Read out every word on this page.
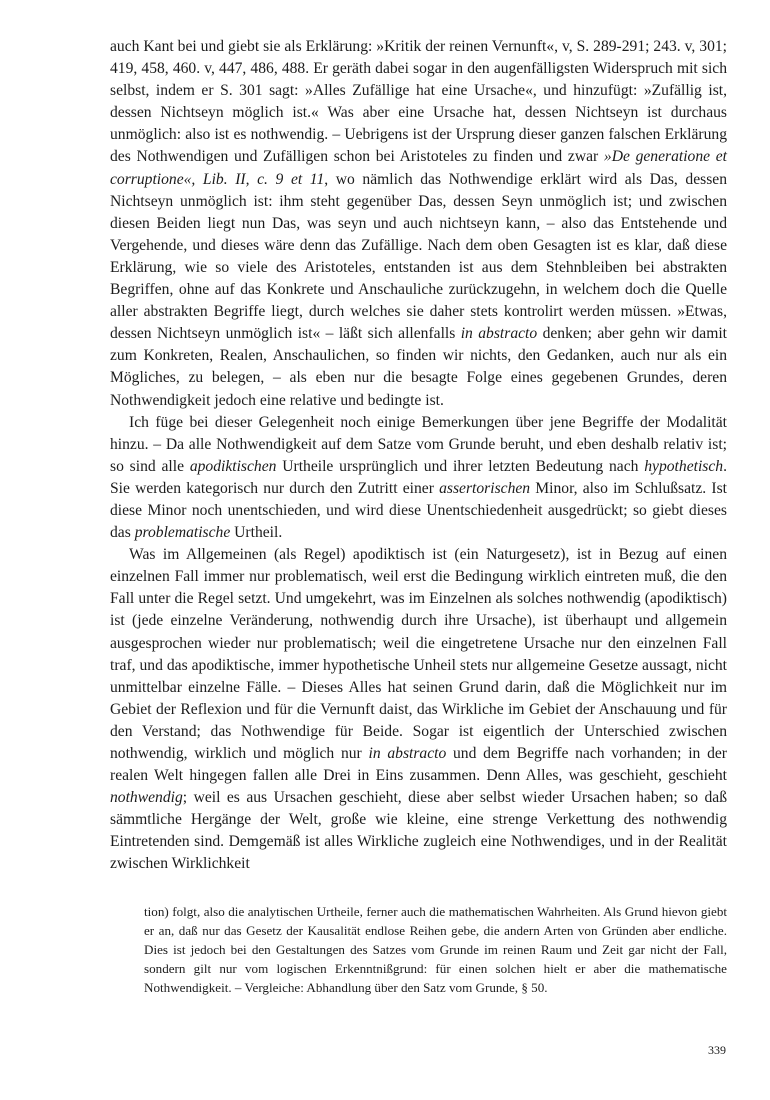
auch Kant bei und giebt sie als Erklärung: »Kritik der reinen Vernunft«, v, S. 289-291; 243. v, 301; 419, 458, 460. v, 447, 486, 488. Er geräth dabei sogar in den augenfälligsten Widerspruch mit sich selbst, indem er S. 301 sagt: »Alles Zufällige hat eine Ursache«, und hinzufügt: »Zufällig ist, dessen Nichtseyn möglich ist.« Was aber eine Ursache hat, dessen Nichtseyn ist durchaus unmöglich: also ist es nothwendig. – Uebrigens ist der Ursprung dieser ganzen falschen Erklärung des Nothwendigen und Zufälligen schon bei Aristoteles zu finden und zwar »De generatione et corruptione«, Lib. II, c. 9 et 11, wo nämlich das Nothwendige erklärt wird als Das, dessen Nichtseyn unmöglich ist: ihm steht gegenüber Das, dessen Seyn unmöglich ist; und zwischen diesen Beiden liegt nun Das, was seyn und auch nichtseyn kann, – also das Entstehende und Vergehende, und dieses wäre denn das Zufällige. Nach dem oben Gesagten ist es klar, daß diese Erklärung, wie so viele des Aristoteles, entstanden ist aus dem Stehnbleiben bei abstrakten Begriffen, ohne auf das Konkrete und Anschauliche zurückzugehn, in welchem doch die Quelle aller abstrakten Begriffe liegt, durch welches sie daher stets kontrolirt werden müssen. »Etwas, dessen Nichtseyn unmöglich ist« – läßt sich allenfalls in abstracto denken; aber gehn wir damit zum Konkreten, Realen, Anschaulichen, so finden wir nichts, den Gedanken, auch nur als ein Mögliches, zu belegen, – als eben nur die besagte Folge eines gegebenen Grundes, deren Nothwendigkeit jedoch eine relative und bedingte ist.

Ich füge bei dieser Gelegenheit noch einige Bemerkungen über jene Begriffe der Modalität hinzu. – Da alle Nothwendigkeit auf dem Satze vom Grunde beruht, und eben deshalb relativ ist; so sind alle apodiktischen Urtheile ursprünglich und ihrer letzten Bedeutung nach hypothetisch. Sie werden kategorisch nur durch den Zutritt einer assertorischen Minor, also im Schlußsatz. Ist diese Minor noch unentschieden, und wird diese Unentschiedenheit ausgedrückt; so giebt dieses das problematische Urtheil.

Was im Allgemeinen (als Regel) apodiktisch ist (ein Naturgesetz), ist in Bezug auf einen einzelnen Fall immer nur problematisch, weil erst die Bedingung wirklich eintreten muß, die den Fall unter die Regel setzt. Und umgekehrt, was im Einzelnen als solches nothwendig (apodiktisch) ist (jede einzelne Veränderung, nothwendig durch ihre Ursache), ist überhaupt und allgemein ausgesprochen wieder nur problematisch; weil die eingetretene Ursache nur den einzelnen Fall traf, und das apodiktische, immer hypothetische Unheil stets nur allgemeine Gesetze aussagt, nicht unmittelbar einzelne Fälle. – Dieses Alles hat seinen Grund darin, daß die Möglichkeit nur im Gebiet der Reflexion und für die Vernunft daist, das Wirkliche im Gebiet der Anschauung und für den Verstand; das Nothwendige für Beide. Sogar ist eigentlich der Unterschied zwischen nothwendig, wirklich und möglich nur in abstracto und dem Begriffe nach vorhanden; in der realen Welt hingegen fallen alle Drei in Eins zusammen. Denn Alles, was geschieht, geschieht nothwendig; weil es aus Ursachen geschieht, diese aber selbst wieder Ursachen haben; so daß sämmtliche Hergänge der Welt, große wie kleine, eine strenge Verkettung des nothwendig Eintretenden sind. Demgemäß ist alles Wirkliche zugleich eine Nothwendiges, und in der Realität zwischen Wirklichkeit

tion) folgt, also die analytischen Urtheile, ferner auch die mathematischen Wahrheiten. Als Grund hievon giebt er an, daß nur das Gesetz der Kausalität endlose Reihen gebe, die andern Arten von Gründen aber endliche. Dies ist jedoch bei den Gestaltungen des Satzes vom Grunde im reinen Raum und Zeit gar nicht der Fall, sondern gilt nur vom logischen Erkenntnißgrund: für einen solchen hielt er aber die mathematische Nothwendigkeit. – Vergleiche: Abhandlung über den Satz vom Grunde, § 50.

339
